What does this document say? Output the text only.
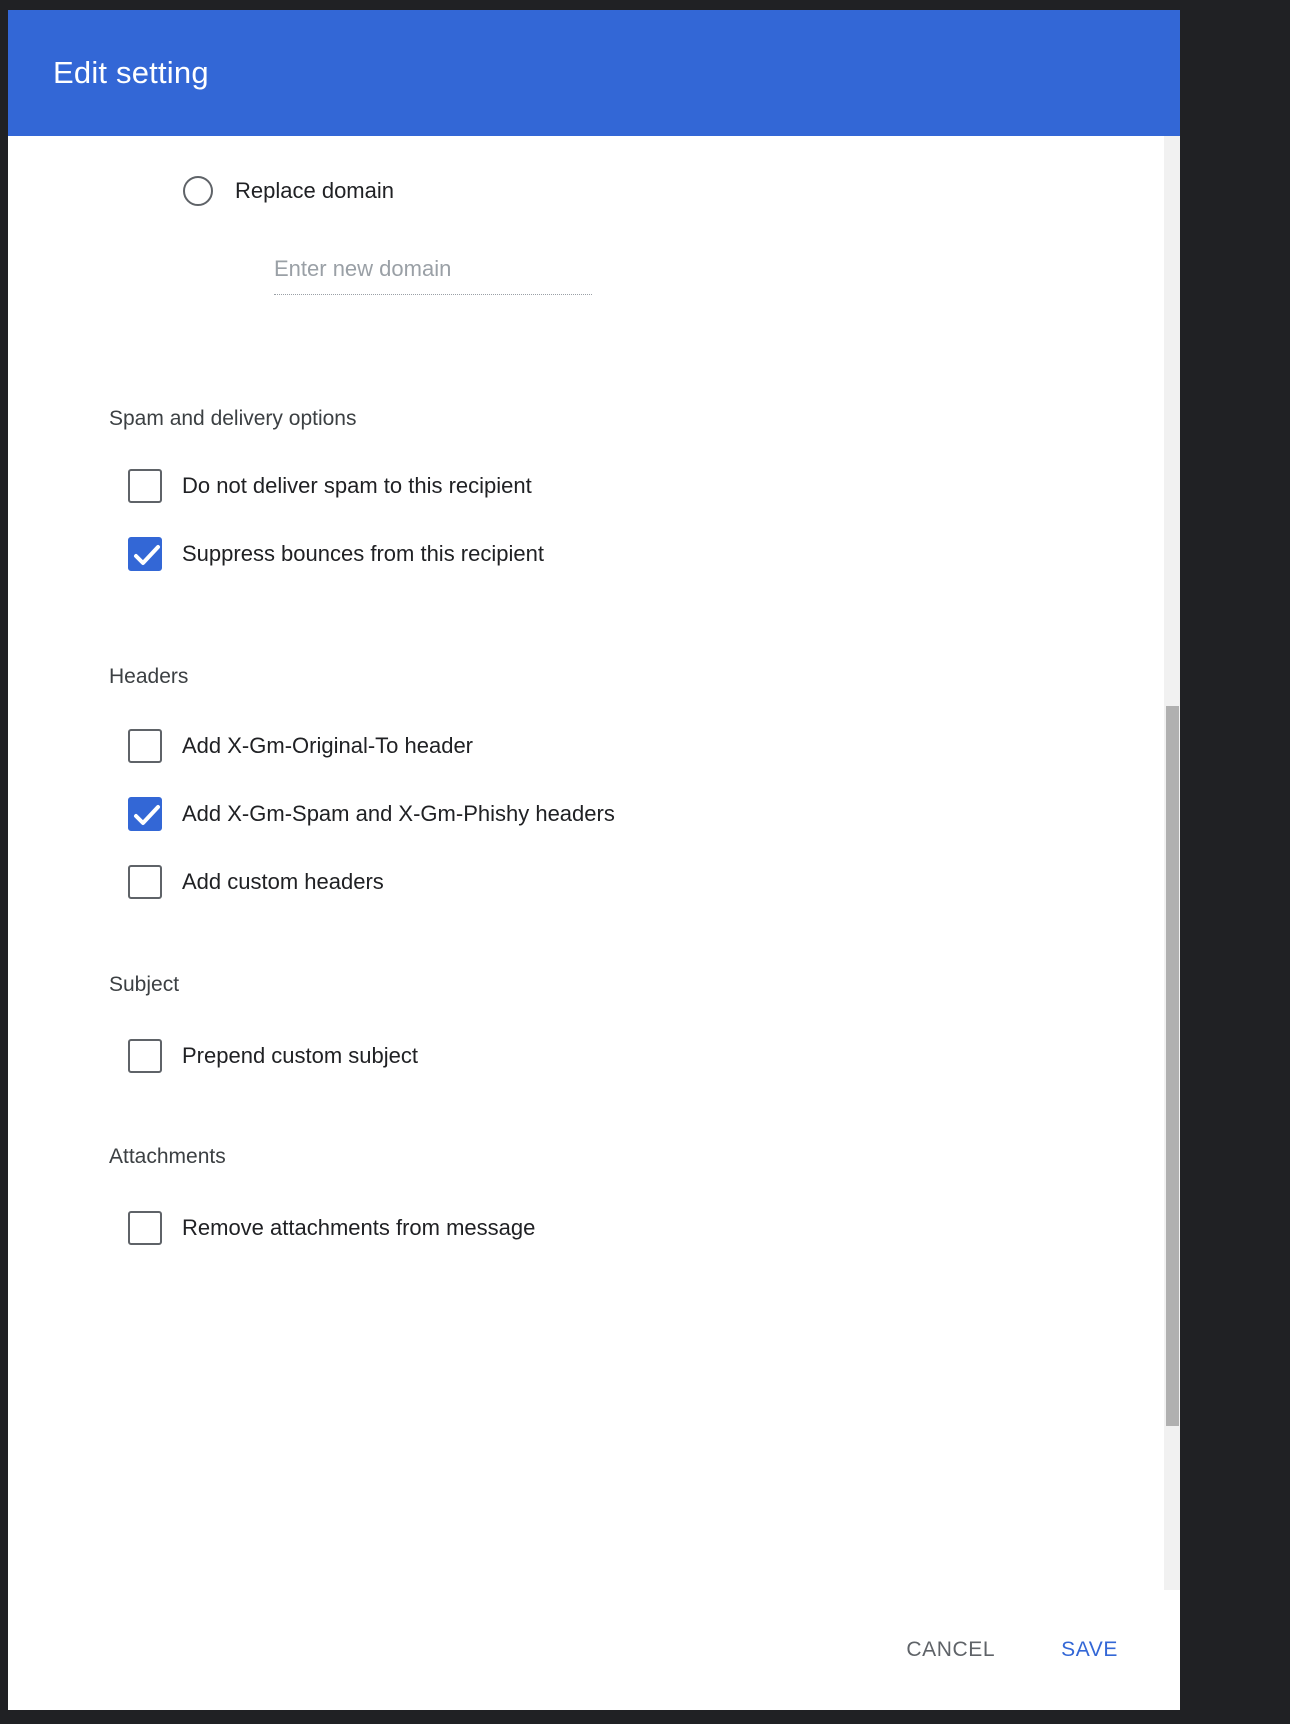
Edit setting
Replace domain
Enter new domain
Spam and delivery options
Do not deliver spam to this recipient
Suppress bounces from this recipient
Headers
Add X-Gm-Original-To header
Add X-Gm-Spam and X-Gm-Phishy headers
Add custom headers
Subject
Prepend custom subject
Attachments
Remove attachments from message
CANCEL	SAVE
